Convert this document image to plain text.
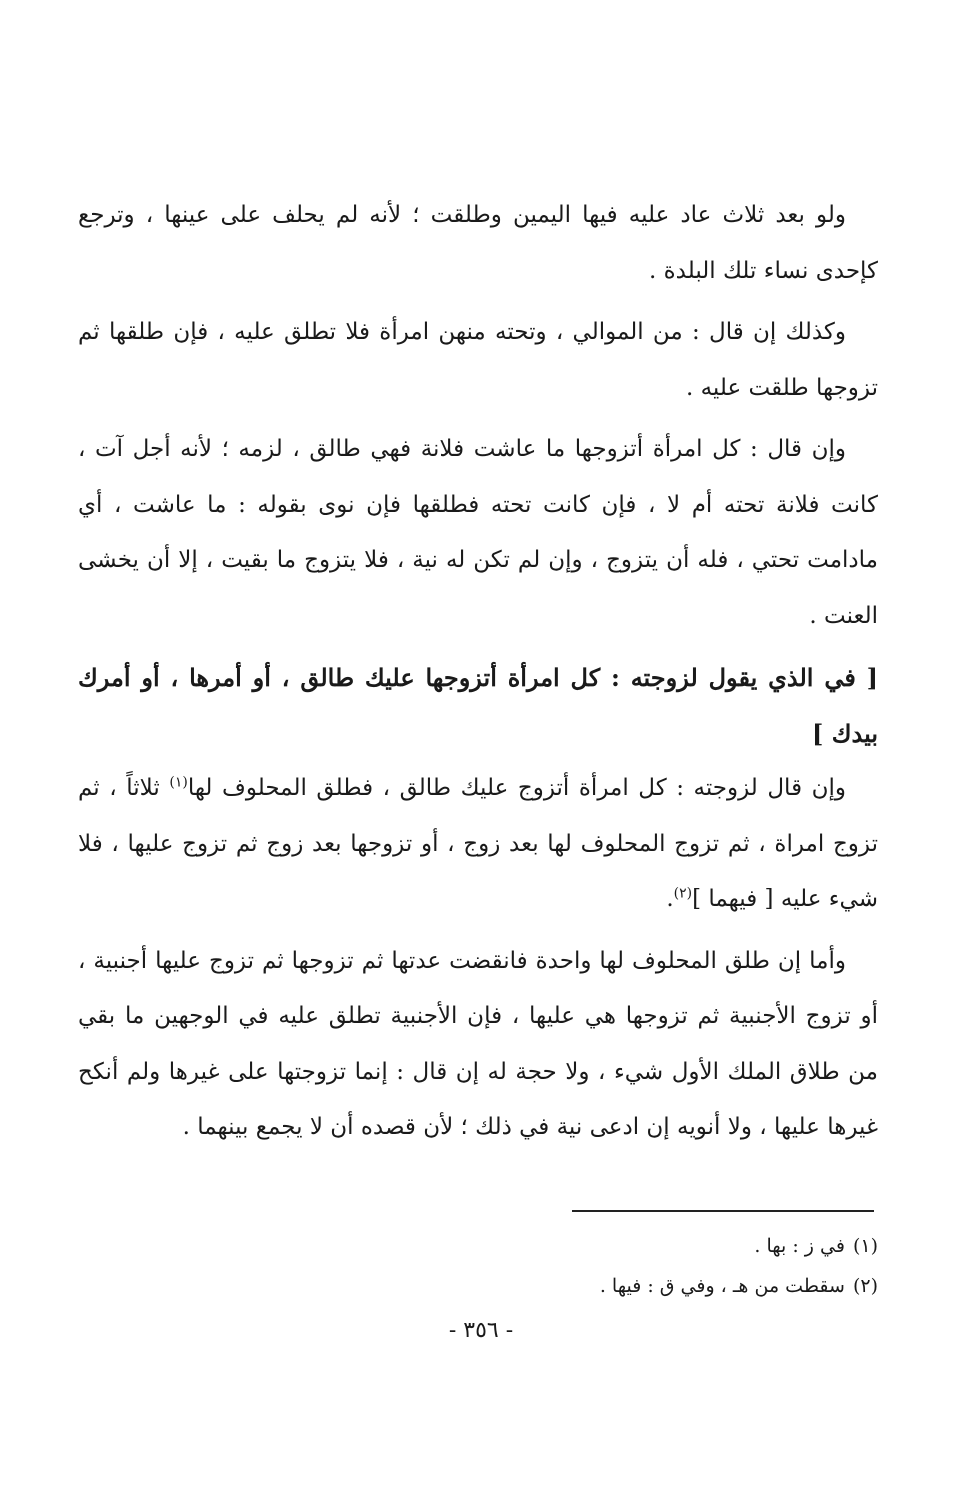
ولو بعد ثلاث عاد عليه فيها اليمين وطلقت ؛ لأنه لم يحلف على عينها ، وترجع كإحدى نساء تلك البلدة .

وكذلك إن قال : من الموالي ، وتحته منهن امرأة فلا تطلق عليه ، فإن طلقها ثم تزوجها طلقت عليه .

وإن قال : كل امرأة أتزوجها ما عاشت فلانة فهي طالق ، لزمه ؛ لأنه أجل آت ، كانت فلانة تحته أم لا ، فإن كانت تحته فطلقها فإن نوى بقوله : ما عاشت ، أي مادامت تحتي ، فله أن يتزوج ، وإن لم تكن له نية ، فلا يتزوج ما بقيت ، إلا أن يخشى العنت .

[ في الذي يقول لزوجته : كل امرأة أتزوجها عليك طالق ، أو أمرها ، أو أمرك بيدك ]

وإن قال لزوجته : كل امرأة أتزوج عليك طالق ، فطلق المحلوف لها$^{(١)}$ ثلاثاً ، ثم تزوج امراة ، ثم تزوج المحلوف لها بعد زوج ، أو تزوجها بعد زوج ثم تزوج عليها ، فلا شيء عليه [ فيهما ]$^{(٢)}$.

وأما إن طلق المحلوف لها واحدة فانقضت عدتها ثم تزوجها ثم تزوج عليها أجنبية ، أو تزوج الأجنبية ثم تزوجها هي عليها ، فإن الأجنبية تطلق عليه في الوجهين ما بقي من طلاق الملك الأول شيء ، ولا حجة له إن قال : إنما تزوجتها على غيرها ولم أنكح غيرها عليها ، ولا أنويه إن ادعى نية في ذلك ؛ لأن قصده أن لا يجمع بينهما .

(١)في ز : بها .
(٢)سقطت من هـ ، وفي ق : فيها .
- ٣٥٦ -
